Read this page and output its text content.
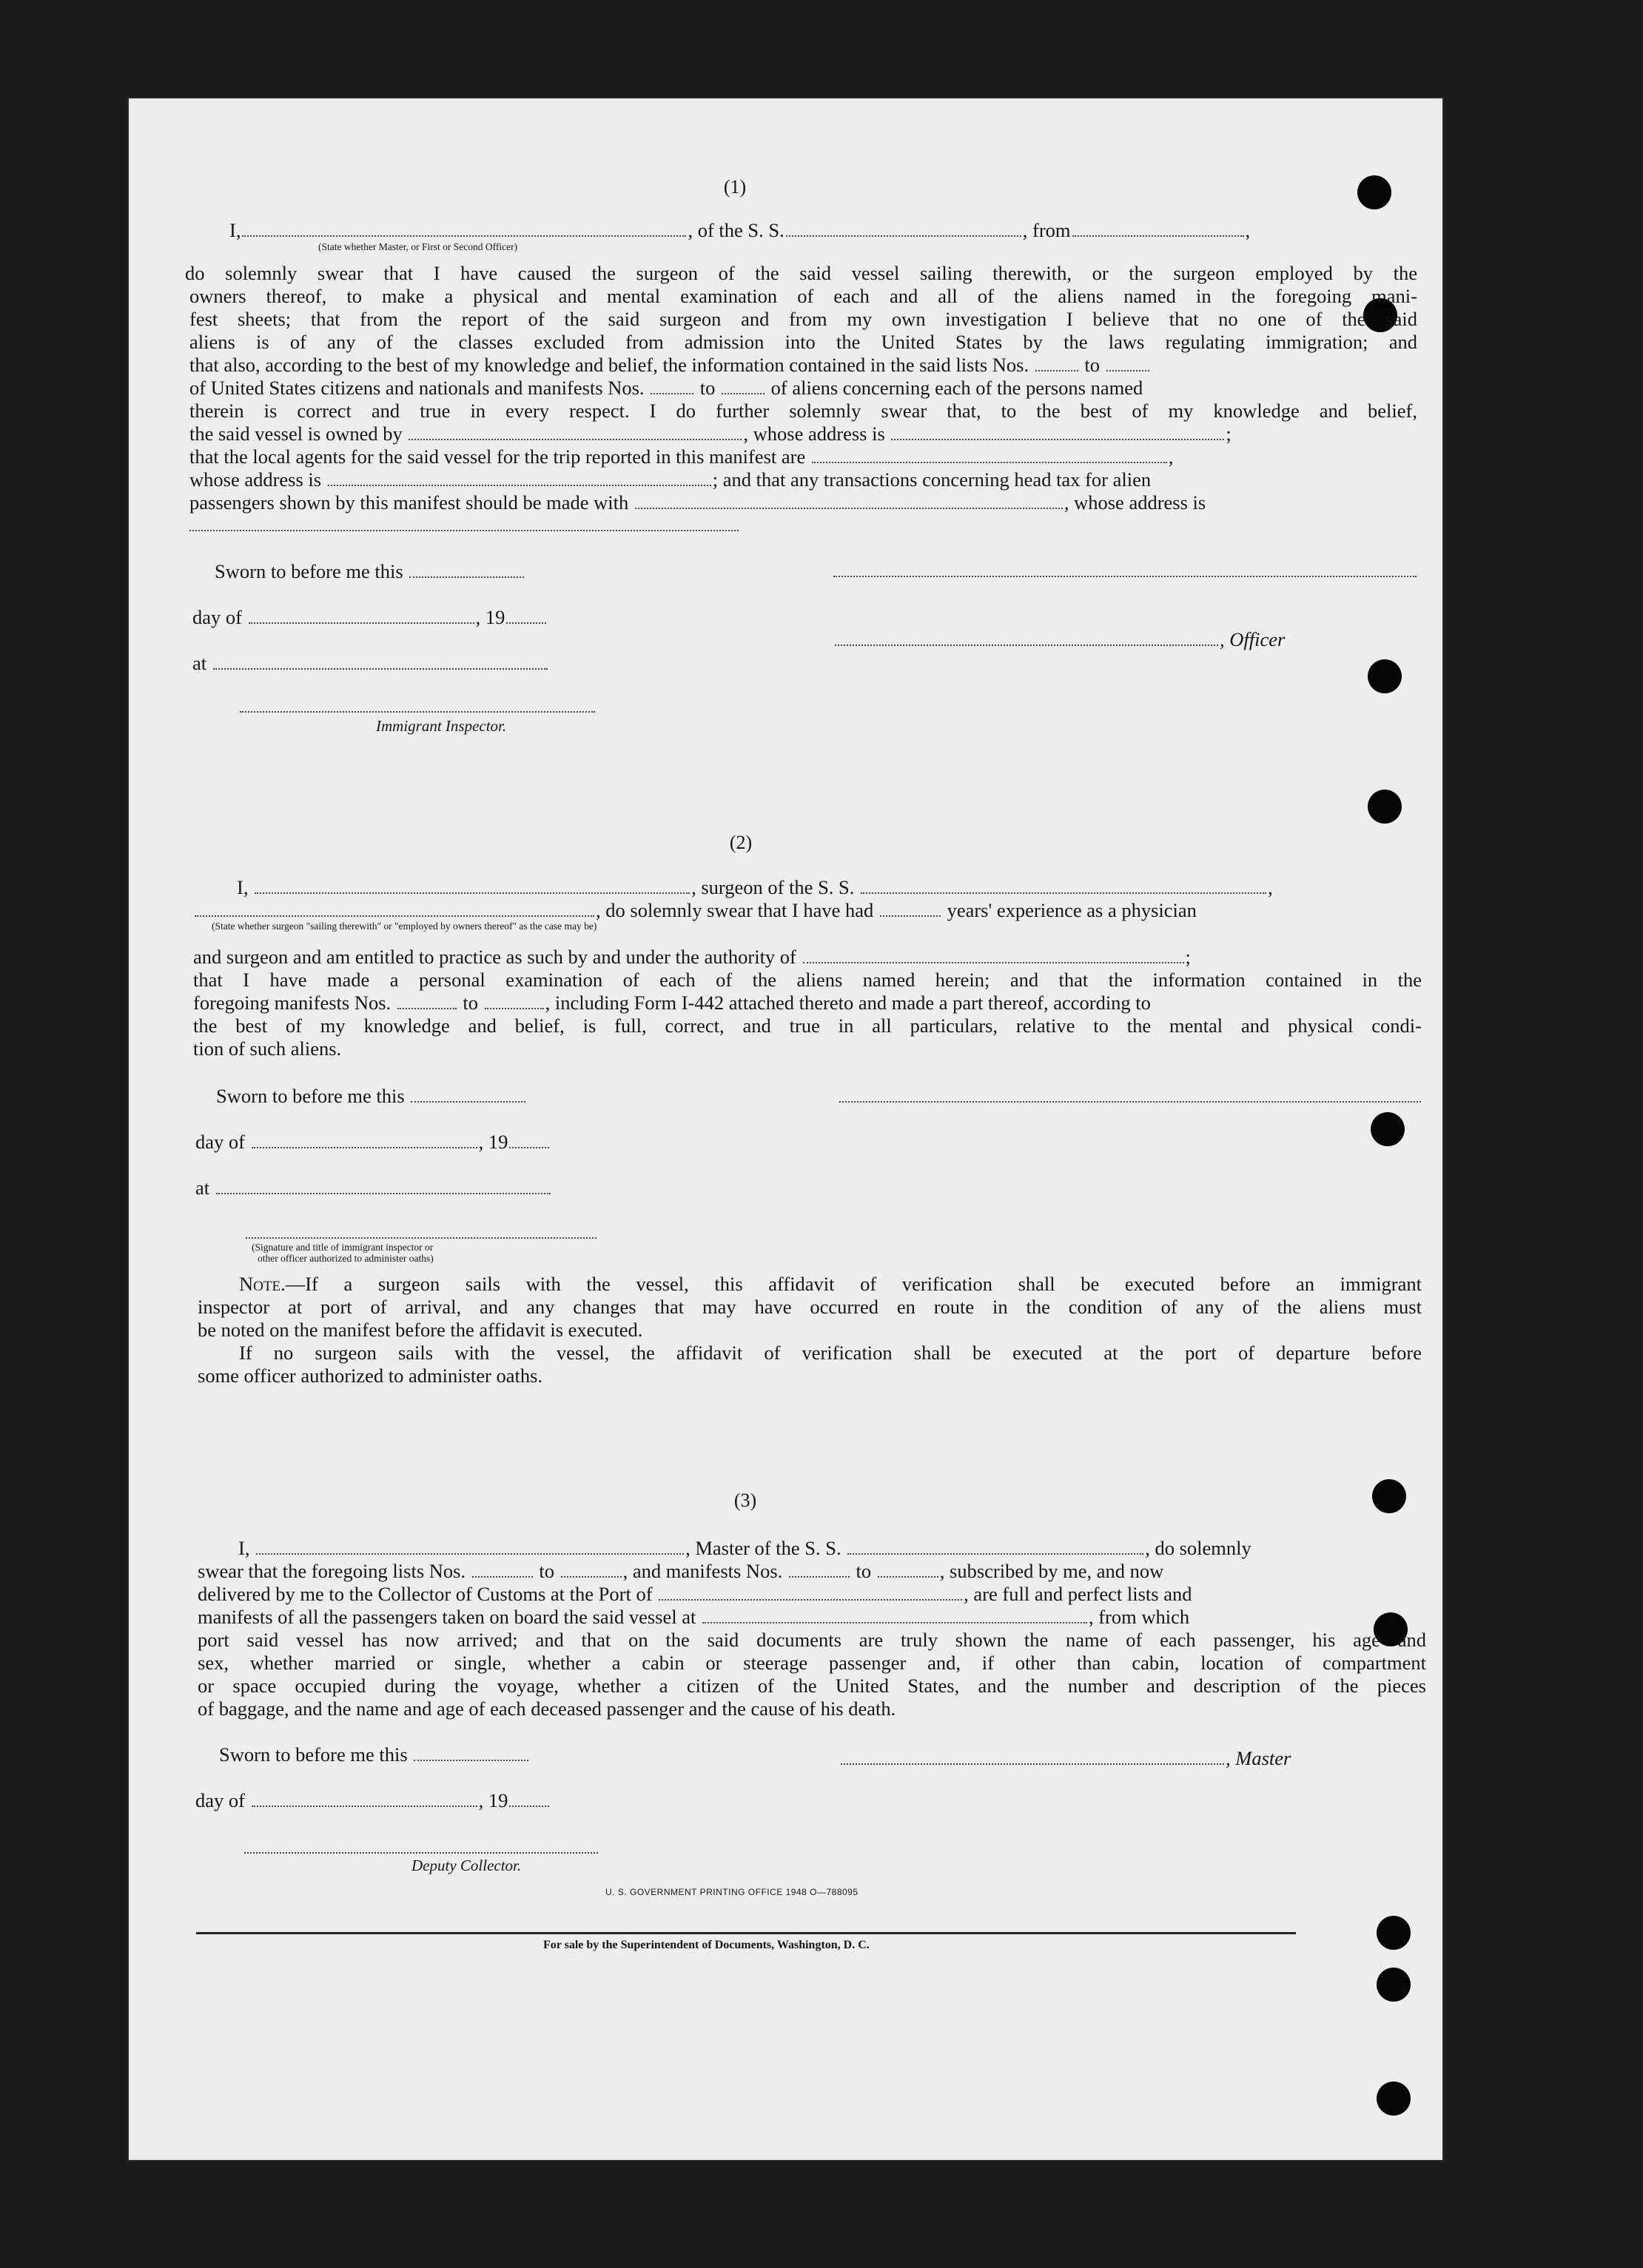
(1)
I,	, of the S. S.	, from	,
(State whether Master, or First or Second Officer)
do solemnly swear that I have caused the surgeon of the said vessel sailing therewith, or the surgeon employed by the
owners thereof, to make a physical and mental examination of each and all of the aliens named in the foregoing mani-
fest sheets; that from the report of the said surgeon and from my own investigation I believe that no one of the said
aliens is of any of the classes excluded from admission into the United States by the laws regulating immigration; and
that also, according to the best of my knowledge and belief, the information contained in the said lists Nos.	to
of United States citizens and nationals and manifests Nos.	to	of aliens concerning each of the persons named
therein is correct and true in every respect. I do further solemnly swear that, to the best of my knowledge and belief,
the said vessel is owned by	, whose address is	;
that the local agents for the said vessel for the trip reported in this manifest are	,
whose address is	; and that any transactions concerning head tax for alien
passengers shown by this manifest should be made with	, whose address is
Sworn to before me this
day of	, 19
, Officer
at
Immigrant Inspector.
(2)
I,	, surgeon of the S. S.	,
, do solemnly swear that I have had	years' experience as a physician
(State whether surgeon "sailing therewith" or "employed by owners thereof" as the case may be)
and surgeon and am entitled to practice as such by and under the authority of	;
that I have made a personal examination of each of the aliens named herein; and that the information contained in the
foregoing manifests Nos.	to	, including Form I-442 attached thereto and made a part thereof, according to
the best of my knowledge and belief, is full, correct, and true in all particulars, relative to the mental and physical condi-
tion of such aliens.
Sworn to before me this
day of	, 19
at
(Signature and title of immigrant inspector or
other officer authorized to administer oaths)
Note.—If a surgeon sails with the vessel, this affidavit of verification shall be executed before an immigrant
inspector at port of arrival, and any changes that may have occurred en route in the condition of any of the aliens must
be noted on the manifest before the affidavit is executed.
If no surgeon sails with the vessel, the affidavit of verification shall be executed at the port of departure before
some officer authorized to administer oaths.
(3)
I,	, Master of the S. S.	, do solemnly
swear that the foregoing lists Nos.	to	, and manifests Nos.	to	, subscribed by me, and now
delivered by me to the Collector of Customs at the Port of	, are full and perfect lists and
manifests of all the passengers taken on board the said vessel at	, from which
port said vessel has now arrived; and that on the said documents are truly shown the name of each passenger, his age and
sex, whether married or single, whether a cabin or steerage passenger and, if other than cabin, location of compartment
or space occupied during the voyage, whether a citizen of the United States, and the number and description of the pieces
of baggage, and the name and age of each deceased passenger and the cause of his death.
Sworn to before me this	, Master
day of	, 19
Deputy Collector.
U. S. GOVERNMENT PRINTING OFFICE 1948 O—788095
For sale by the Superintendent of Documents, Washington, D. C.
